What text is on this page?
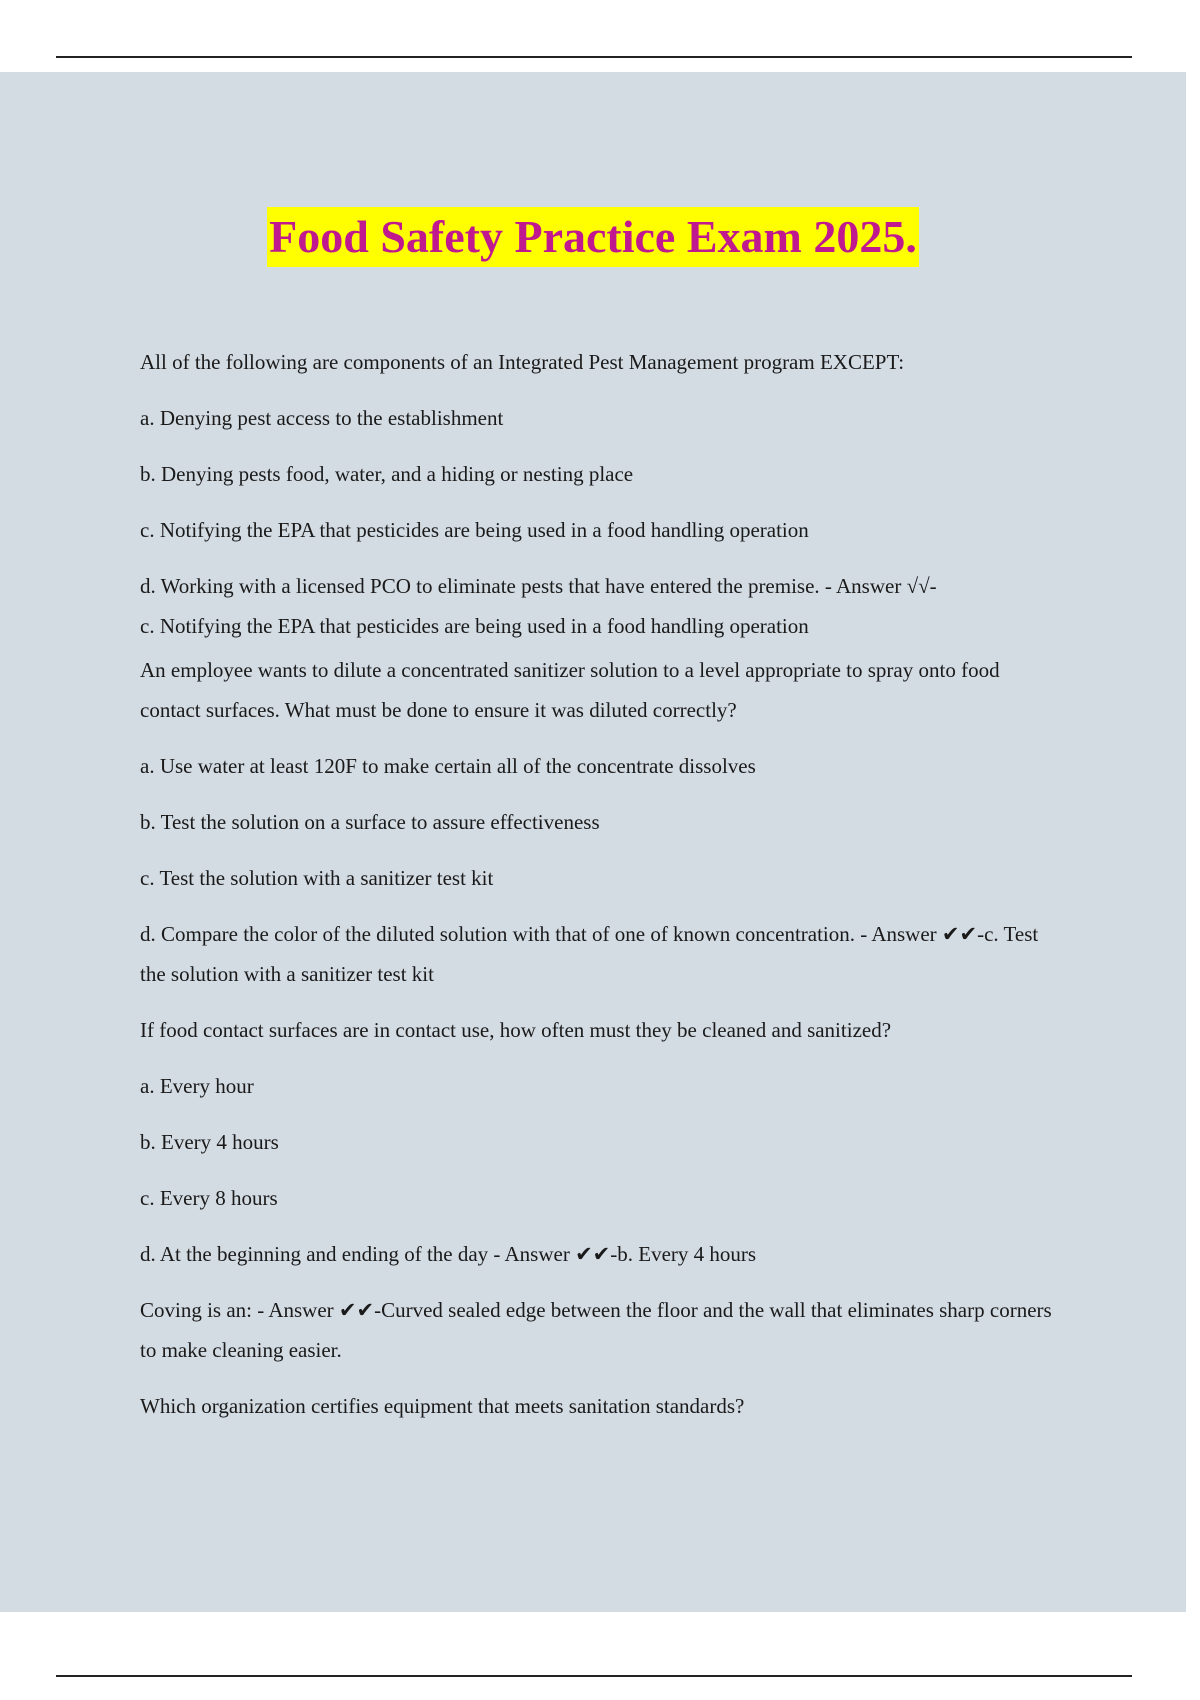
Food Safety Practice Exam 2025.

All of the following are components of an Integrated Pest Management program EXCEPT:

a. Denying pest access to the establishment

b. Denying pests food, water, and a hiding or nesting place

c. Notifying the EPA that pesticides are being used in a food handling operation

d. Working with a licensed PCO to eliminate pests that have entered the premise. - Answer √√-

c. Notifying the EPA that pesticides are being used in a food handling operation

An employee wants to dilute a concentrated sanitizer solution to a level appropriate to spray onto food contact surfaces. What must be done to ensure it was diluted correctly?

a. Use water at least 120F to make certain all of the concentrate dissolves

b. Test the solution on a surface to assure effectiveness

c. Test the solution with a sanitizer test kit

d. Compare the color of the diluted solution with that of one of known concentration. - Answer ✔✔-c. Test the solution with a sanitizer test kit

If food contact surfaces are in contact use, how often must they be cleaned and sanitized?

a. Every hour

b. Every 4 hours

c. Every 8 hours

d. At the beginning and ending of the day - Answer ✔✔-b. Every 4 hours

Coving is an: - Answer ✔✔-Curved sealed edge between the floor and the wall that eliminates sharp corners to make cleaning easier.

Which organization certifies equipment that meets sanitation standards?
